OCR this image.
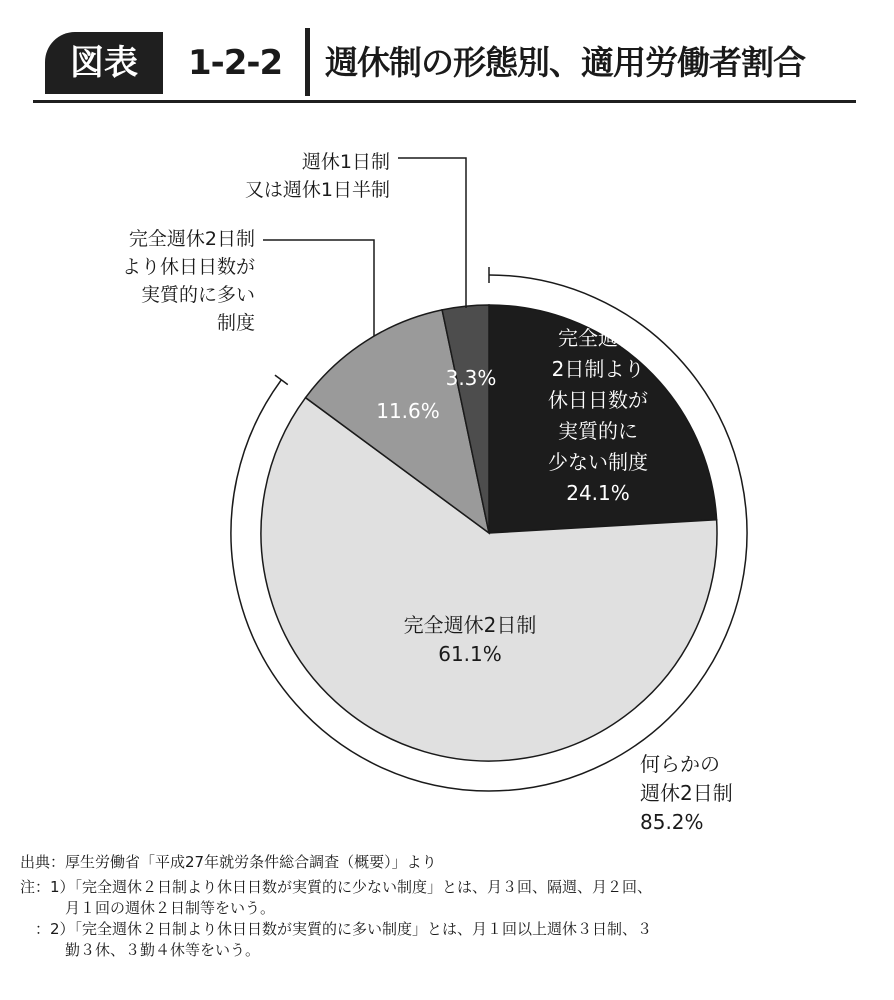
図表	1-2-2 週休制の形態別、適用労働者割合
完全週休 2日制より休日日数が実質的に少ない制度 24.1%
完全週休2日制 61.1%
11.6%
3.3%
週休1日制
又は週休1日半制
完全週休2日制
より休日日数が
実質的に多い
制度
何らかの
週休2日制
85.2%
出典：厚生労働省「平成27年就労条件総合調査（概要）」より
注：1）「完全週休２日制より休日日数が実質的に少ない制度」とは、月３回、隔週、月２回、
　　　月１回の週休２日制等をいう。
　：2）「完全週休２日制より休日日数が実質的に多い制度」とは、月１回以上週休３日制、３
　　　勤３休、３勤４休等をいう。
